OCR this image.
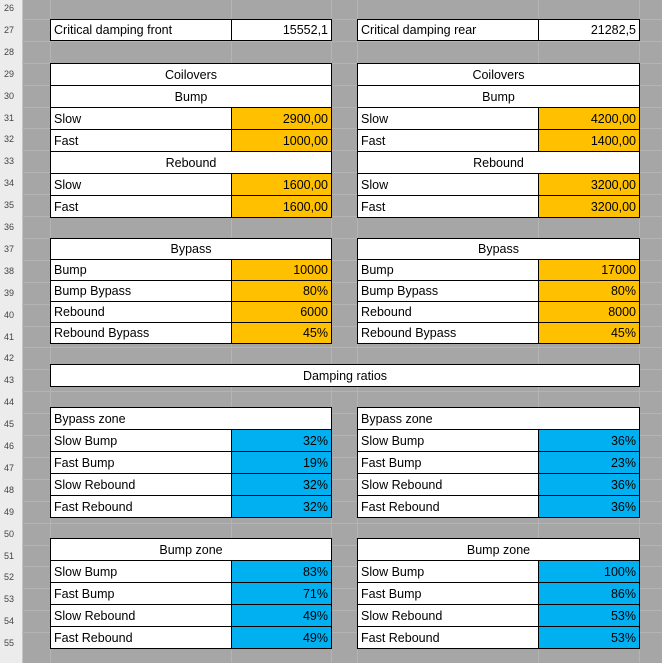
26
27
28
29
30
31
32
33
34
35
36
37
38
39
40
41
42
43
44
45
46
47
48
49
50
51
52
53
54
55
Critical damping front	15552,1	Critical damping rear	21282,5
Coilovers
Bump
Slow	2900,00
Fast	1000,00
Rebound
Slow	1600,00
Fast	1600,00
Bypass
Bump	10000
Bump Bypass	80%
Rebound	6000
Rebound Bypass	45%
Bypass zone
Slow Bump	32%
Fast Bump	19%
Slow Rebound	32%
Fast Rebound	32%
Bump zone
Slow Bump	83%
Fast Bump	71%
Slow Rebound	49%
Fast Rebound	49%
Coilovers
Bump
Slow	4200,00
Fast	1400,00
Rebound
Slow	3200,00
Fast	3200,00
Bypass
Bump	17000
Bump Bypass	80%
Rebound	8000
Rebound Bypass	45%
Bypass zone
Slow Bump	36%
Fast Bump	23%
Slow Rebound	36%
Fast Rebound	36%
Bump zone
Slow Bump	100%
Fast Bump	86%
Slow Rebound	53%
Fast Rebound	53%
Damping ratios
